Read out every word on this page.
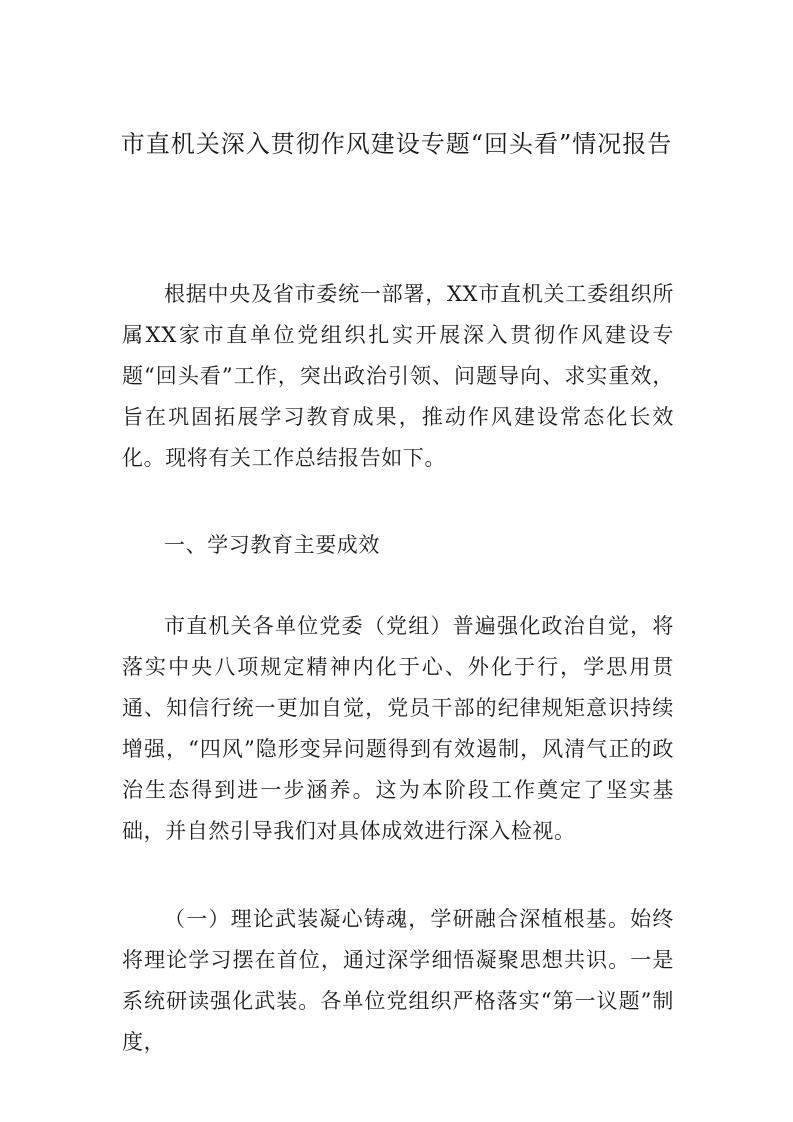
市直机关深入贯彻作风建设专题“回头看”情况报告

根据中央及省市委统一部署，XX市直机关工委组织所属XX家市直单位党组织扎实开展深入贯彻作风建设专题“回头看”工作，突出政治引领、问题导向、求实重效，旨在巩固拓展学习教育成果，推动作风建设常态化长效化。现将有关工作总结报告如下。

一、学习教育主要成效

市直机关各单位党委（党组）普遍强化政治自觉，将落实中央八项规定精神内化于心、外化于行，学思用贯通、知信行统一更加自觉，党员干部的纪律规矩意识持续增强，“四风”隐形变异问题得到有效遏制，风清气正的政治生态得到进一步涵养。这为本阶段工作奠定了坚实基础，并自然引导我们对具体成效进行深入检视。

（一）理论武装凝心铸魂，学研融合深植根基。始终将理论学习摆在首位，通过深学细悟凝聚思想共识。一是系统研读强化武装。各单位党组织严格落实“第一议题”制度，
